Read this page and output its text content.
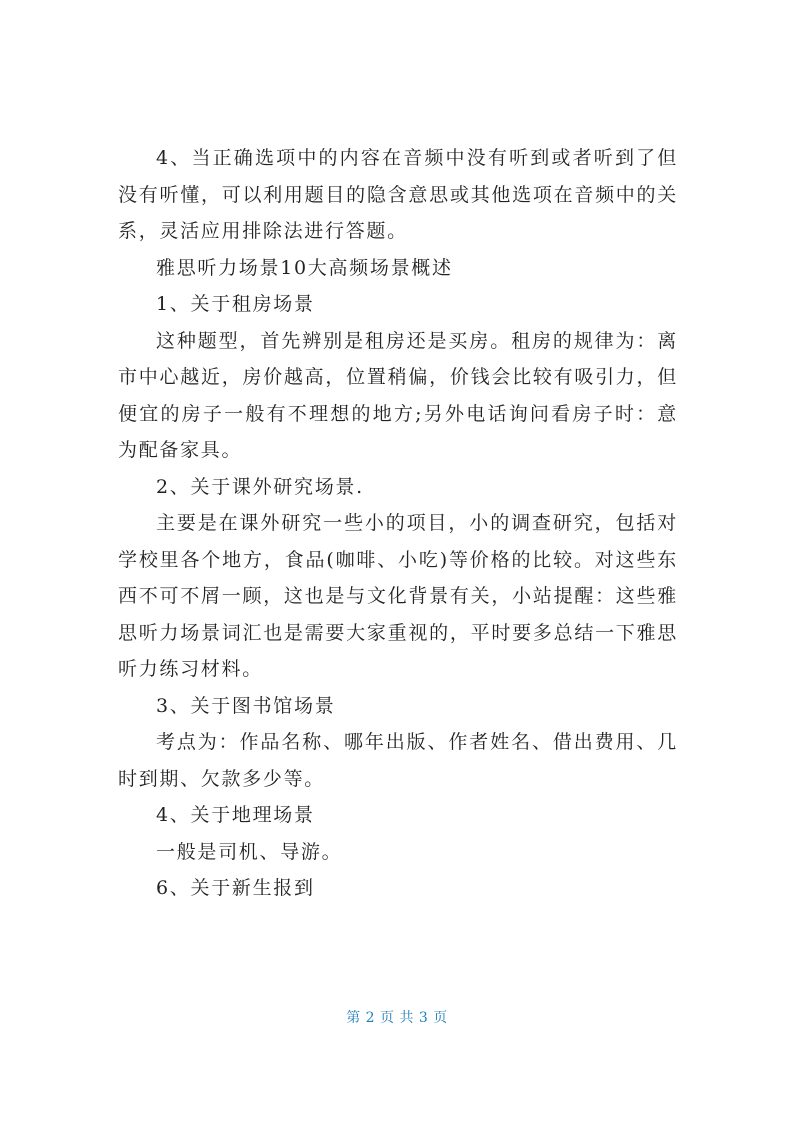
4、当正确选项中的内容在音频中没有听到或者听到了但没有听懂，可以利用题目的隐含意思或其他选项在音频中的关系，灵活应用排除法进行答题。

雅思听力场景10大高频场景概述

1、关于租房场景

这种题型，首先辨别是租房还是买房。租房的规律为：离市中心越近，房价越高，位置稍偏，价钱会比较有吸引力，但便宜的房子一般有不理想的地方;另外电话询问看房子时：意为配备家具。

2、关于课外研究场景.

主要是在课外研究一些小的项目，小的调查研究，包括对学校里各个地方，食品(咖啡、小吃)等价格的比较。对这些东西不可不屑一顾，这也是与文化背景有关，小站提醒：这些雅思听力场景词汇也是需要大家重视的，平时要多总结一下雅思听力练习材料。

3、关于图书馆场景

考点为：作品名称、哪年出版、作者姓名、借出费用、几时到期、欠款多少等。

4、关于地理场景

一般是司机、导游。

6、关于新生报到

第 2 页 共 3 页
